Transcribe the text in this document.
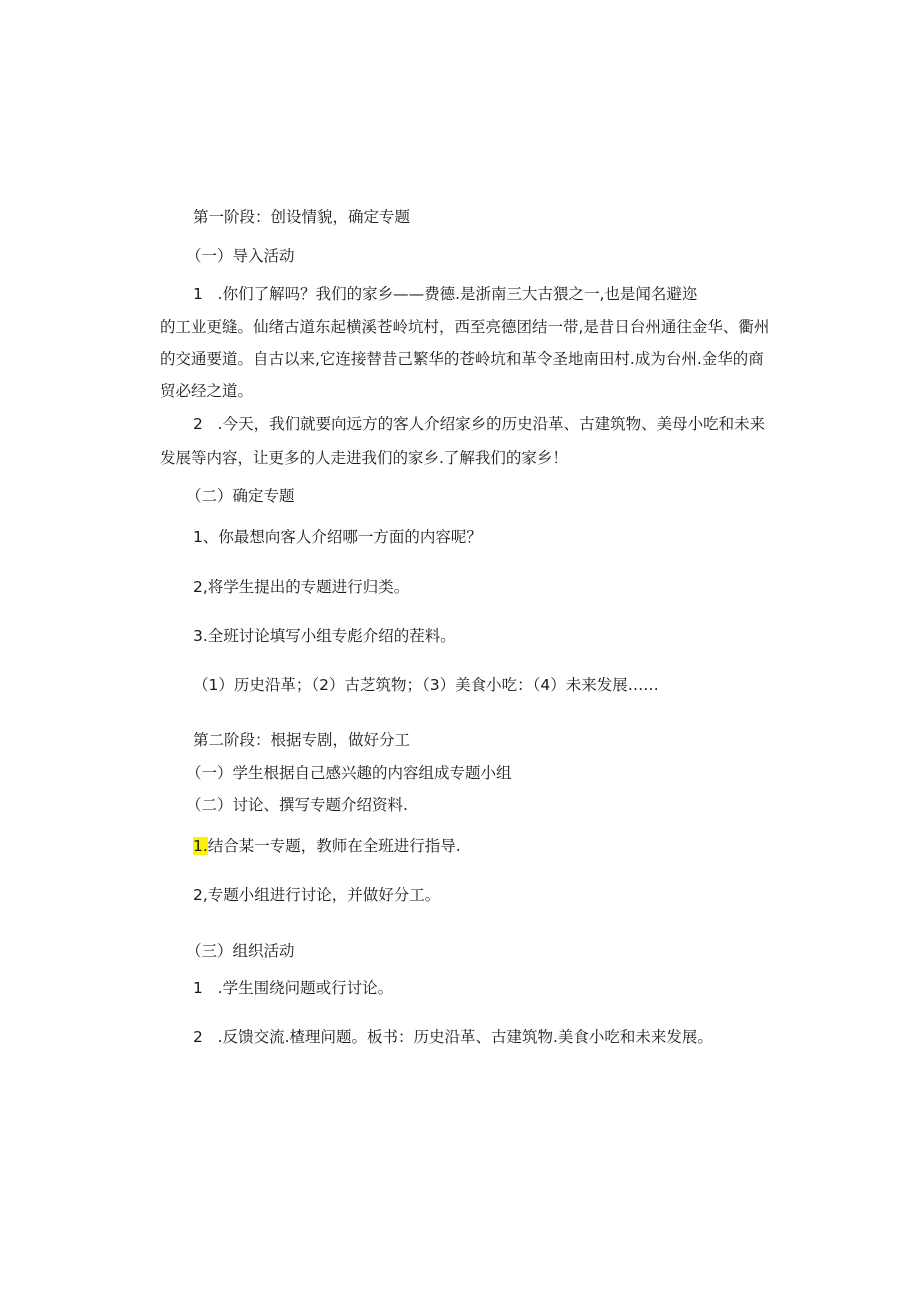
第一阶段：创设情貌，确定专题

（一）导入活动

1   .你们了解吗？我们的家乡——费德.是浙南三大古猥之一,也是闻名避迩

的工业更缝。仙绪古道东起横溪苍岭坑村，西至亮德团结一带,是昔日台州通往金华、衢州

的交通要道。自古以来,它连接替昔己繁华的苍岭坑和革令圣地南田村.成为台州.金华的商

贸必经之道。

2   .今天，我们就要向远方的客人介绍家乡的历史沿革、古建筑物、美母小吃和未来

发展等内容，让更多的人走进我们的家乡.了解我们的家乡！

（二）确定专题

1、你最想向客人介绍哪一方面的内容呢？

2,将学生提出的专题进行归类。

3.全班讨论填写小组专彪介绍的茬料。

（1）历史沿革；（2）古芝筑物；（3）美食小吃：（4）未来发展……

第二阶段：根据专剧，做好分工

（一）学生根据自己感兴趣的内容组成专题小组

（二）讨论、撰写专题介绍资料.

1.结合某一专题，教师在全班进行指导.

2,专题小组进行讨论，并做好分工。

（三）组织活动

1   .学生围绕问题或行讨论。

2   .反馈交流.楂理问题。板书：历史沿革、古建筑物.美食小吃和未来发展。
